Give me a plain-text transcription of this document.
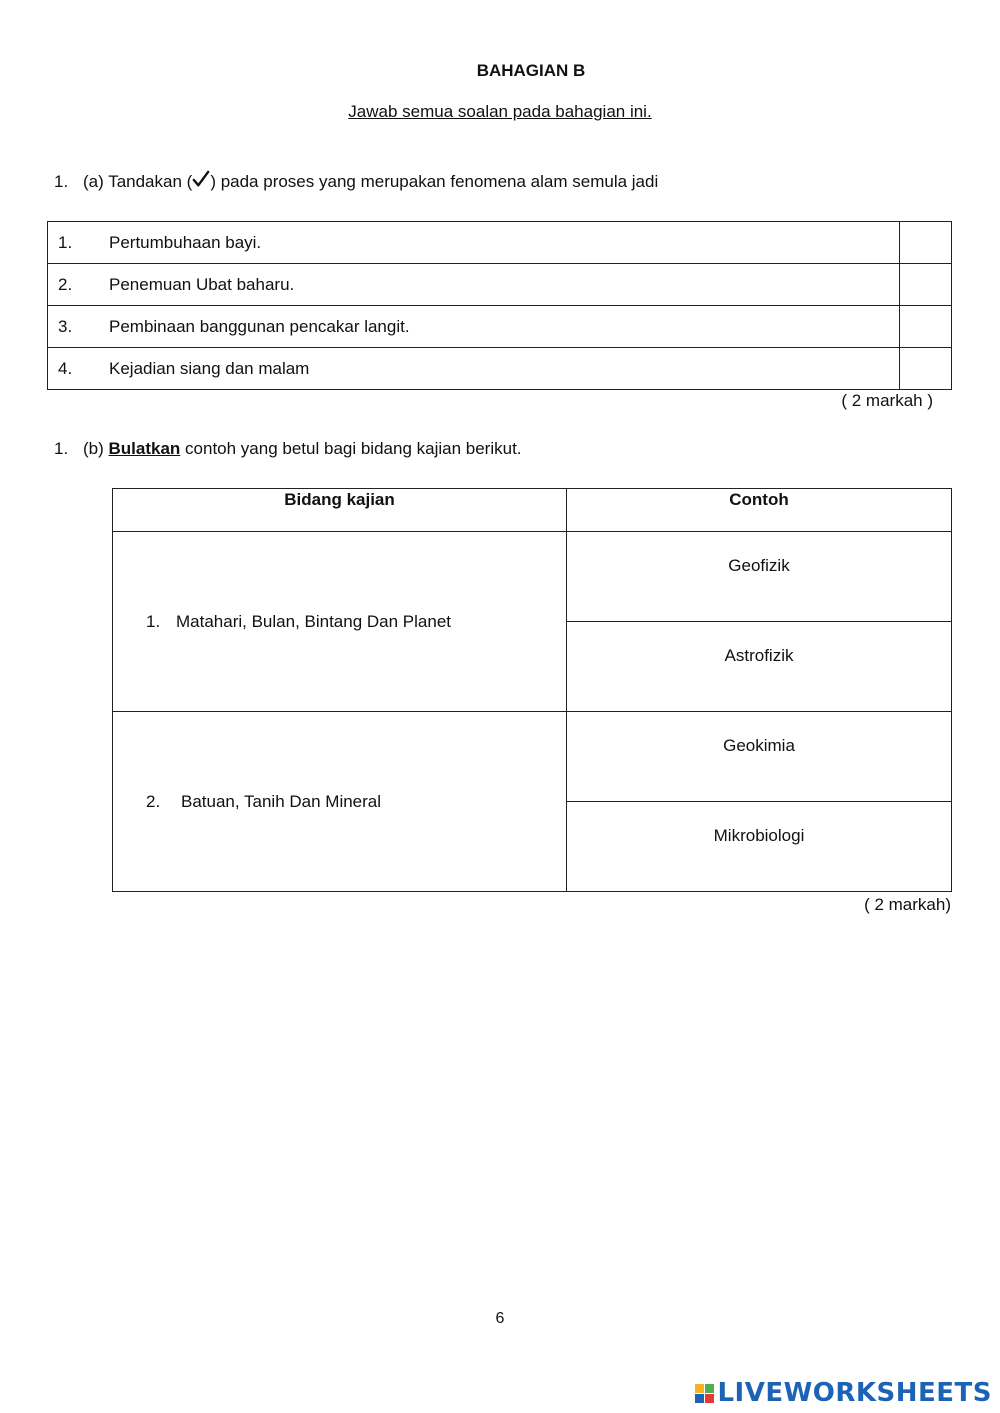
BAHAGIAN B
Jawab semua soalan pada bahagian ini.
1. (a) Tandakan ( ) pada proses yang merupakan fenomena alam semula jadi
1. Pertumbuhaan bayi.	
2. Penemuan Ubat baharu.	
3. Pembinaan banggunan pencakar langit.	
4. Kejadian siang dan malam	
( 2 markah )
1. (b) Bulatkan contoh yang betul bagi bidang kajian berikut.
Bidang kajian	Contoh
1. Matahari, Bulan, Bintang Dan Planet	Geofizik
	Astrofizik
2. Batuan, Tanih Dan Mineral	Geokimia
	Mikrobiologi
( 2 markah)
6
LIVEWORKSHEETS
